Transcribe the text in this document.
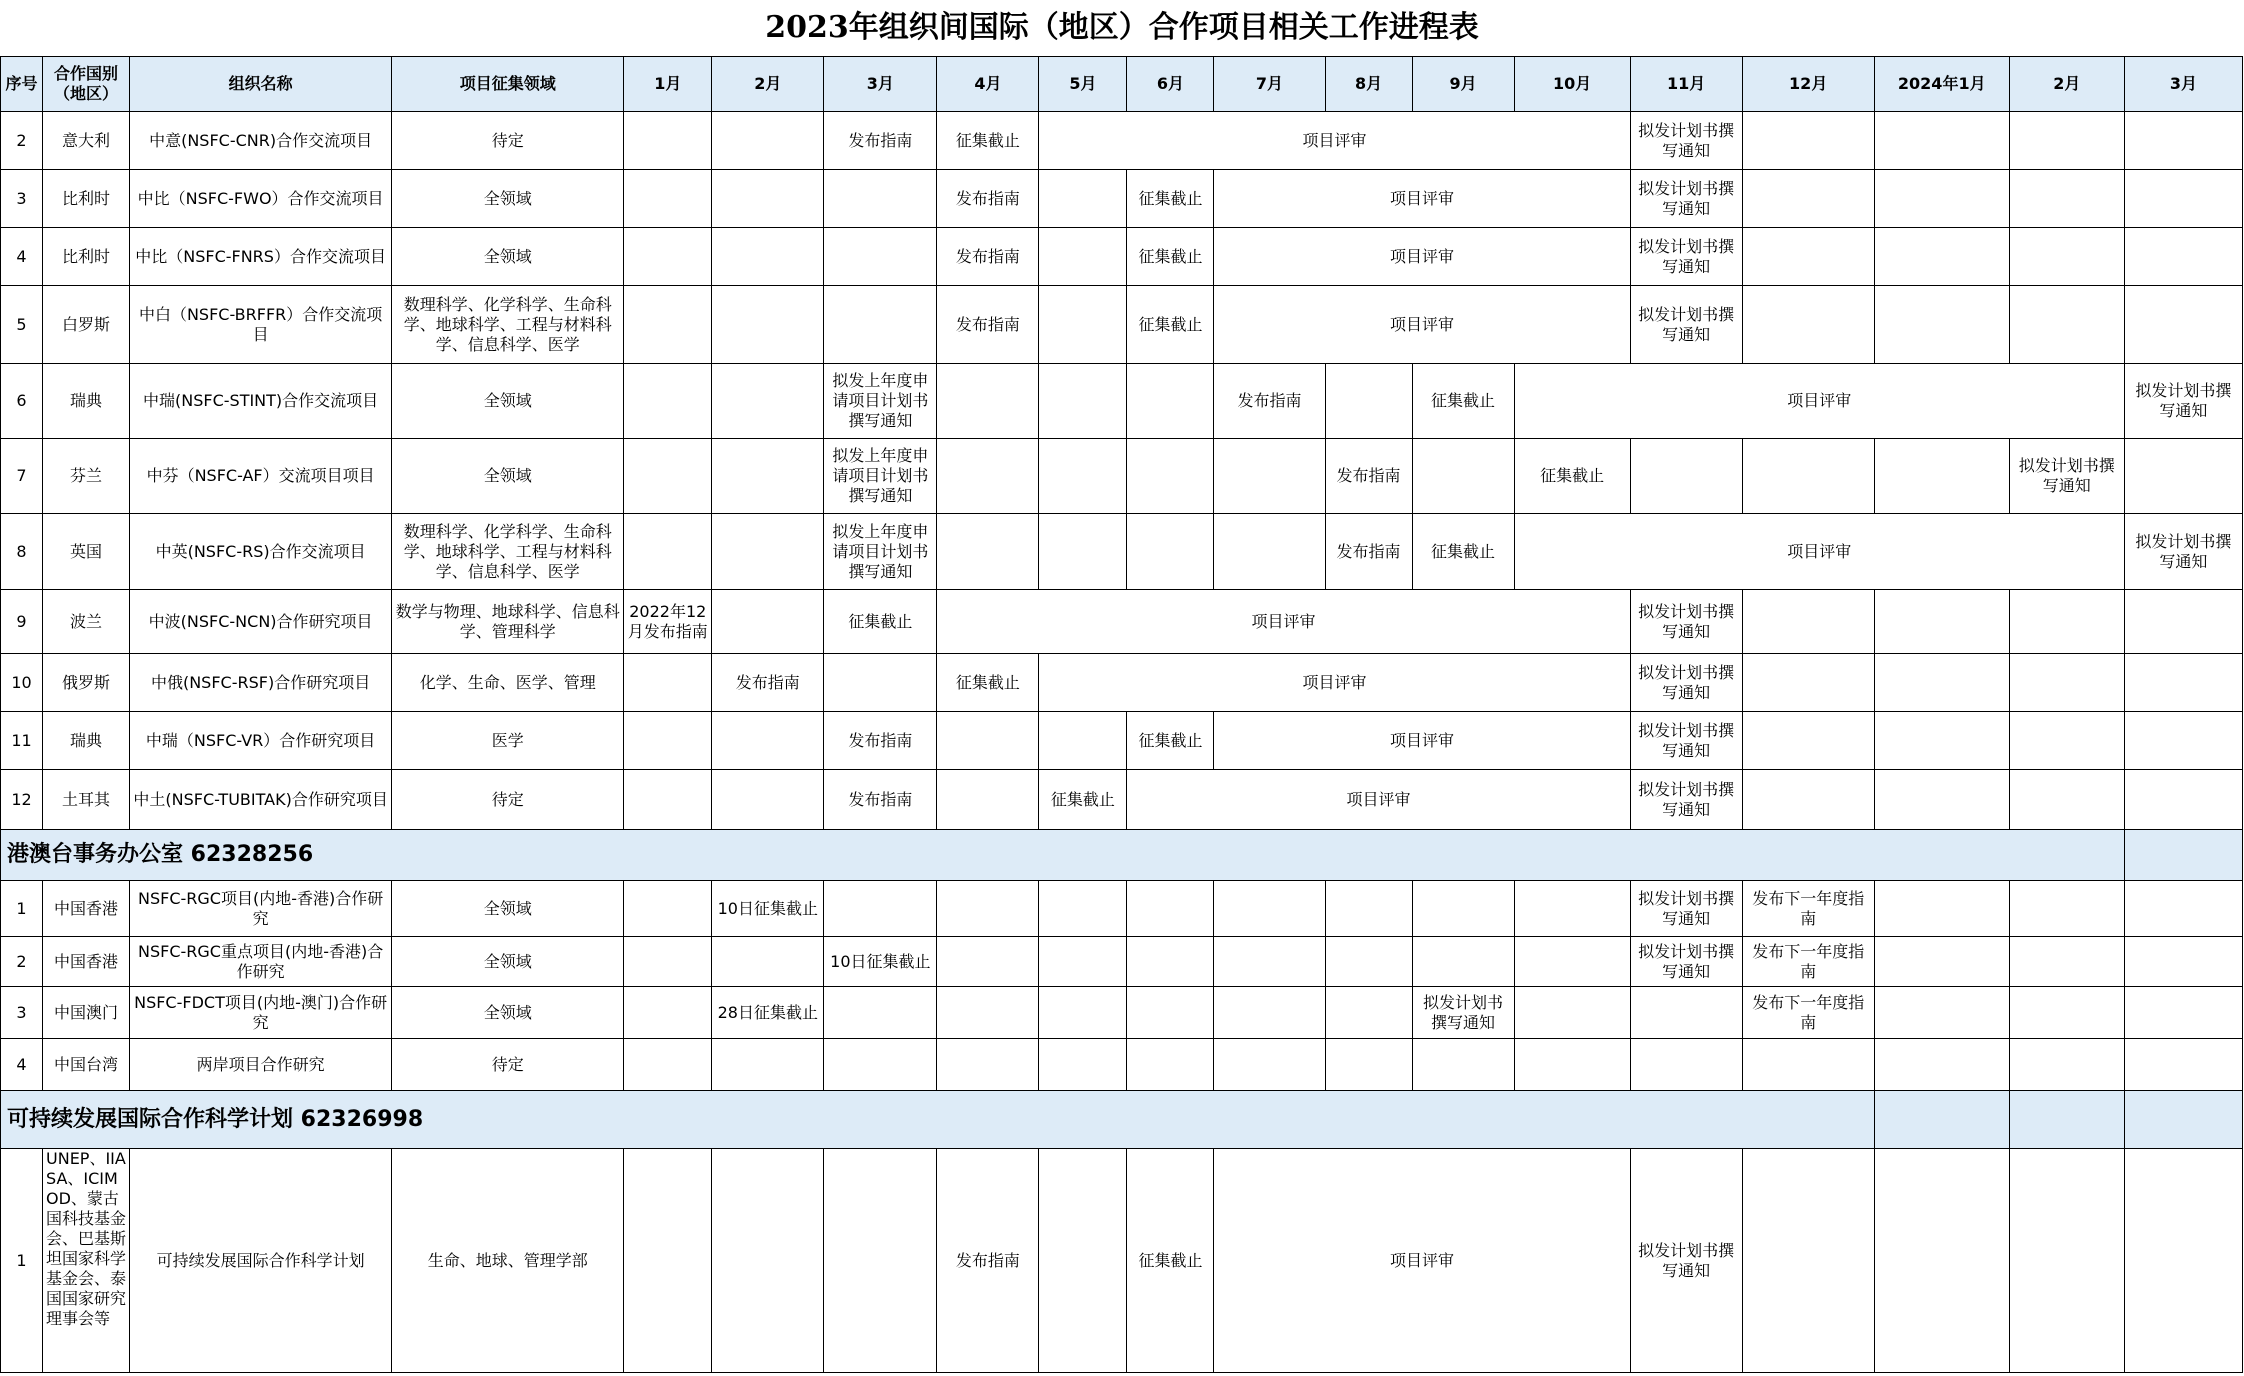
2023年组织间国际（地区）合作项目相关工作进程表
序号	合作国别（地区）	组织名称	项目征集领域	1月	2月	3月	4月	5月	6月	7月	8月	9月	10月	11月	12月	2024年1月	2月	3月
2	意大利	中意(NSFC-CNR)合作交流项目	待定			发布指南	征集截止	项目评审						拟发计划书撰写通知				
3	比利时	中比（NSFC-FWO）合作交流项目	全领域				发布指南		征集截止	项目评审				拟发计划书撰写通知				
4	比利时	中比（NSFC-FNRS）合作交流项目	全领域				发布指南		征集截止	项目评审				拟发计划书撰写通知				
5	白罗斯	中白（NSFC-BRFFR）合作交流项目	数理科学、化学科学、生命科学、地球科学、工程与材料科学、信息科学、医学				发布指南		征集截止	项目评审				拟发计划书撰写通知				
6	瑞典	中瑞(NSFC-STINT)合作交流项目	全领域			拟发上年度申请项目计划书撰写通知				发布指南		征集截止	项目评审					拟发计划书撰写通知
7	芬兰	中芬（NSFC-AF）交流项目项目	全领域			拟发上年度申请项目计划书撰写通知					发布指南		征集截止				拟发计划书撰写通知	
8	英国	中英(NSFC-RS)合作交流项目	数理科学、化学科学、生命科学、地球科学、工程与材料科学、信息科学、医学			拟发上年度申请项目计划书撰写通知					发布指南	征集截止	项目评审					拟发计划书撰写通知
9	波兰	中波(NSFC-NCN)合作研究项目	数学与物理、地球科学、信息科学、管理科学	2022年12月发布指南		征集截止	项目评审							拟发计划书撰写通知				
10	俄罗斯	中俄(NSFC-RSF)合作研究项目	化学、生命、医学、管理		发布指南		征集截止	项目评审						拟发计划书撰写通知				
11	瑞典	中瑞（NSFC-VR）合作研究项目	医学			发布指南			征集截止	项目评审				拟发计划书撰写通知				
12	土耳其	中土(NSFC-TUBITAK)合作研究项目	待定			发布指南		征集截止	项目评审					拟发计划书撰写通知				
港澳台事务办公室 62328256																		
1	中国香港	NSFC-RGC项目(内地-香港)合作研究	全领域		10日征集截止									拟发计划书撰写通知	发布下一年度指南			
2	中国香港	NSFC-RGC重点项目(内地-香港)合作研究	全领域			10日征集截止								拟发计划书撰写通知	发布下一年度指南			
3	中国澳门	NSFC-FDCT项目(内地-澳门)合作研究	全领域		28日征集截止							拟发计划书撰写通知			发布下一年度指南			
4	中国台湾	两岸项目合作研究	待定															
可持续发展国际合作科学计划 62326998																		
1	UNEP、IIASA、ICIMOD、蒙古国科技基金会、巴基斯坦国家科学基金会、泰国国家研究理事会等	可持续发展国际合作科学计划	生命、地球、管理学部				发布指南		征集截止	项目评审				拟发计划书撰写通知				
